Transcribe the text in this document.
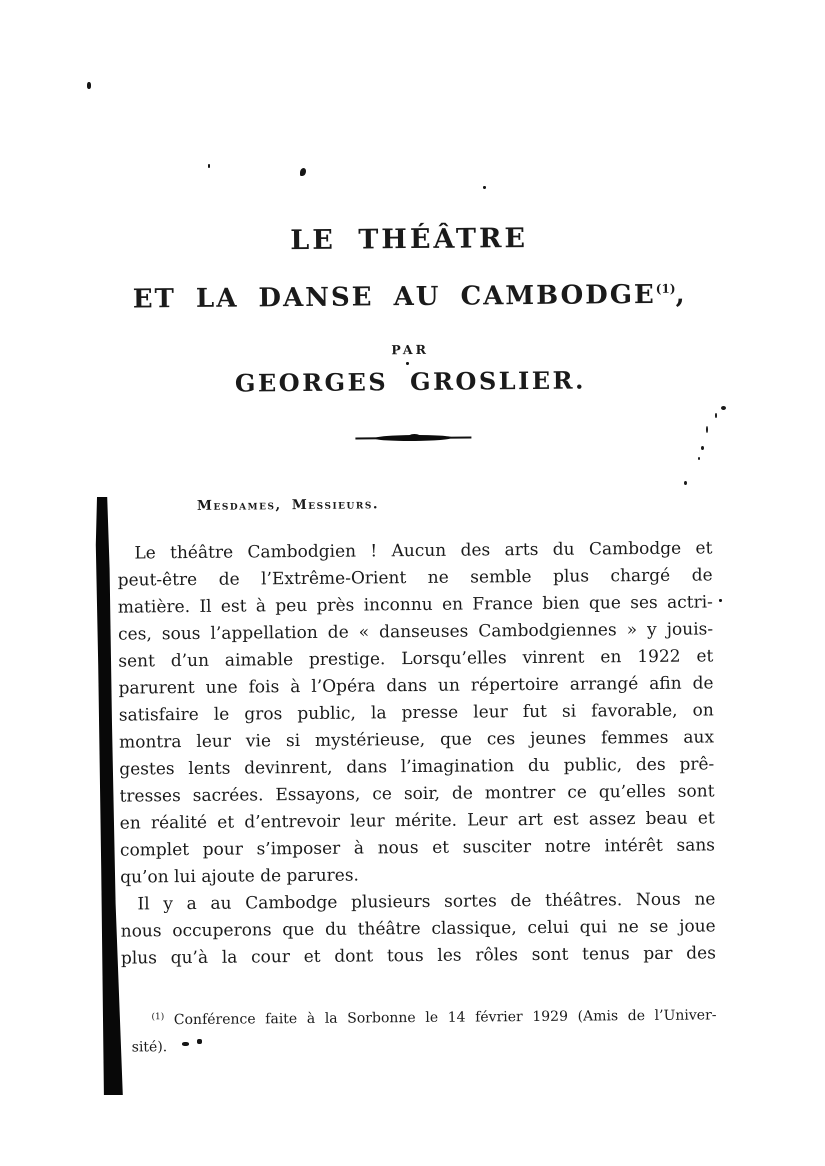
LE THÉÂTRE
ET LA DANSE AU CAMBODGE$^{(1)}$,
PAR
GEORGES GROSLIER.
Mesdames, Messieurs.
Le théâtre Cambodgien ! Aucun des arts du Cambodge et
peut-être de l’Extrême-Orient ne semble plus chargé de
matière. Il est à peu près inconnu en France bien que ses actri-
ces, sous l’appellation de « danseuses Cambodgiennes » y jouis-
sent d’un aimable prestige. Lorsqu’elles vinrent en 1922 et
parurent une fois à l’Opéra dans un répertoire arrangé afin de
satisfaire le gros public, la presse leur fut si favorable, on
montra leur vie si mystérieuse, que ces jeunes femmes aux
gestes lents devinrent, dans l’imagination du public, des prê-
tresses sacrées. Essayons, ce soir, de montrer ce qu’elles sont
en réalité et d’entrevoir leur mérite. Leur art est assez beau et
complet pour s’imposer à nous et susciter notre intérêt sans
qu’on lui ajoute de parures.
Il y a au Cambodge plusieurs sortes de théâtres. Nous ne
nous occuperons que du théâtre classique, celui qui ne se joue
plus qu’à la cour et dont tous les rôles sont tenus par des
$^{(1)}$ Conférence faite à la Sorbonne le 14 février 1929 (Amis de l’Univer-
sité).
